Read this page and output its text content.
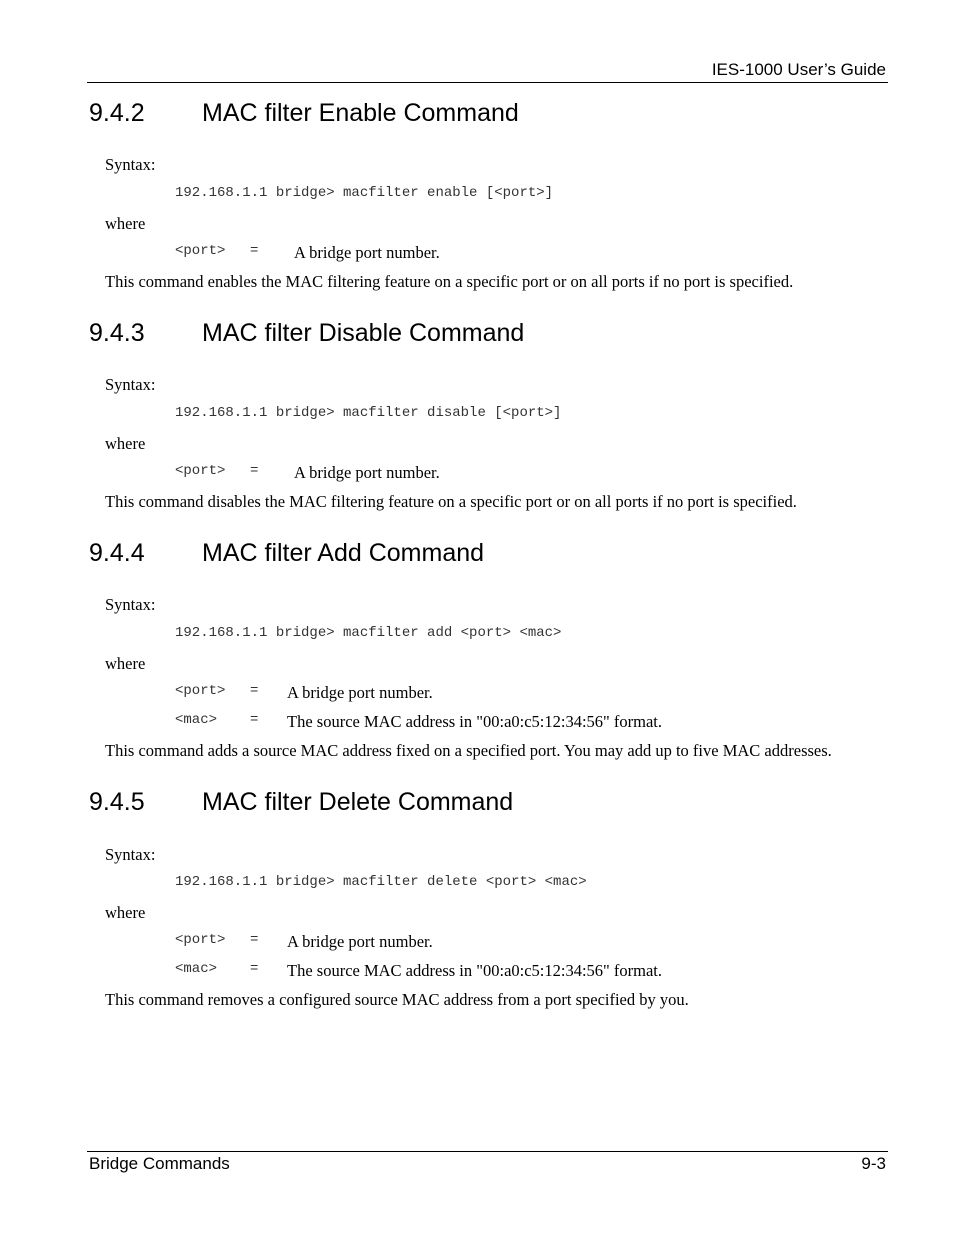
IES-1000 User’s Guide
9.4.2 MAC filter Enable Command
Syntax:
192.168.1.1 bridge> macfilter enable [<port>]
where
<port> = A bridge port number.
This command enables the MAC filtering feature on a specific port or on all ports if no port is specified.
9.4.3 MAC filter Disable Command
Syntax:
192.168.1.1 bridge> macfilter disable [<port>]
where
<port> = A bridge port number.
This command disables the MAC filtering feature on a specific port or on all ports if no port is specified.
9.4.4 MAC filter Add Command
Syntax:
192.168.1.1 bridge> macfilter add <port> <mac>
where
<port> = A bridge port number.
<mac> = The source MAC address in "00:a0:c5:12:34:56" format.
This command adds a source MAC address fixed on a specified port. You may add up to five MAC addresses.
9.4.5 MAC filter Delete Command
Syntax:
192.168.1.1 bridge> macfilter delete <port> <mac>
where
<port> = A bridge port number.
<mac> = The source MAC address in "00:a0:c5:12:34:56" format.
This command removes a configured source MAC address from a port specified by you.
Bridge Commands	9-3
